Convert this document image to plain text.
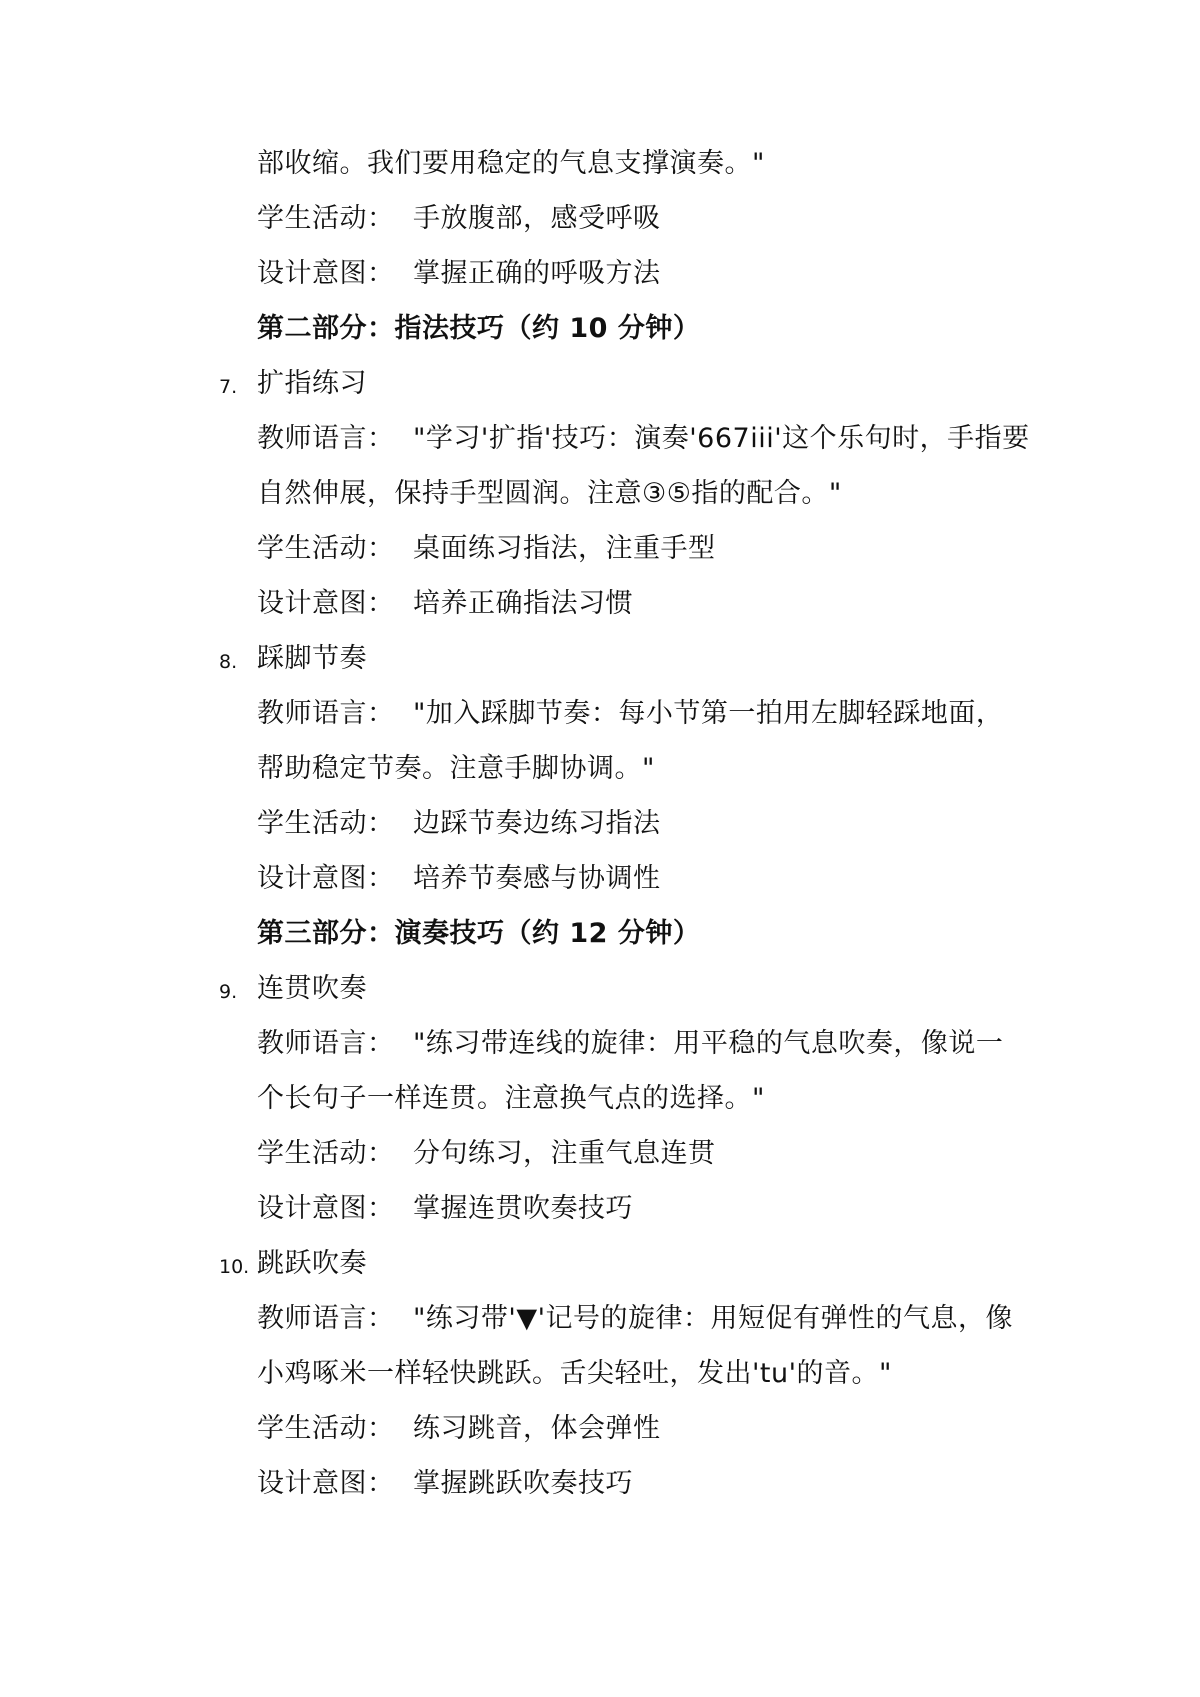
部收缩。我们要用稳定的气息支撑演奏。"
学生活动： 手放腹部，感受呼吸
设计意图： 掌握正确的呼吸方法
第二部分：指法技巧（约 10 分钟）
7. 扩指练习
教师语言： "学习'扩指'技巧：演奏'667iii'这个乐句时，手指要
自然伸展，保持手型圆润。注意③⑤指的配合。"
学生活动： 桌面练习指法，注重手型
设计意图： 培养正确指法习惯
8. 踩脚节奏
教师语言： "加入踩脚节奏：每小节第一拍用左脚轻踩地面，
帮助稳定节奏。注意手脚协调。"
学生活动： 边踩节奏边练习指法
设计意图： 培养节奏感与协调性
第三部分：演奏技巧（约 12 分钟）
9. 连贯吹奏
教师语言： "练习带连线的旋律：用平稳的气息吹奏，像说一
个长句子一样连贯。注意换气点的选择。"
学生活动： 分句练习，注重气息连贯
设计意图： 掌握连贯吹奏技巧
10. 跳跃吹奏
教师语言： "练习带'▼'记号的旋律：用短促有弹性的气息，像
小鸡啄米一样轻快跳跃。舌尖轻吐，发出'tu'的音。"
学生活动： 练习跳音，体会弹性
设计意图： 掌握跳跃吹奏技巧
